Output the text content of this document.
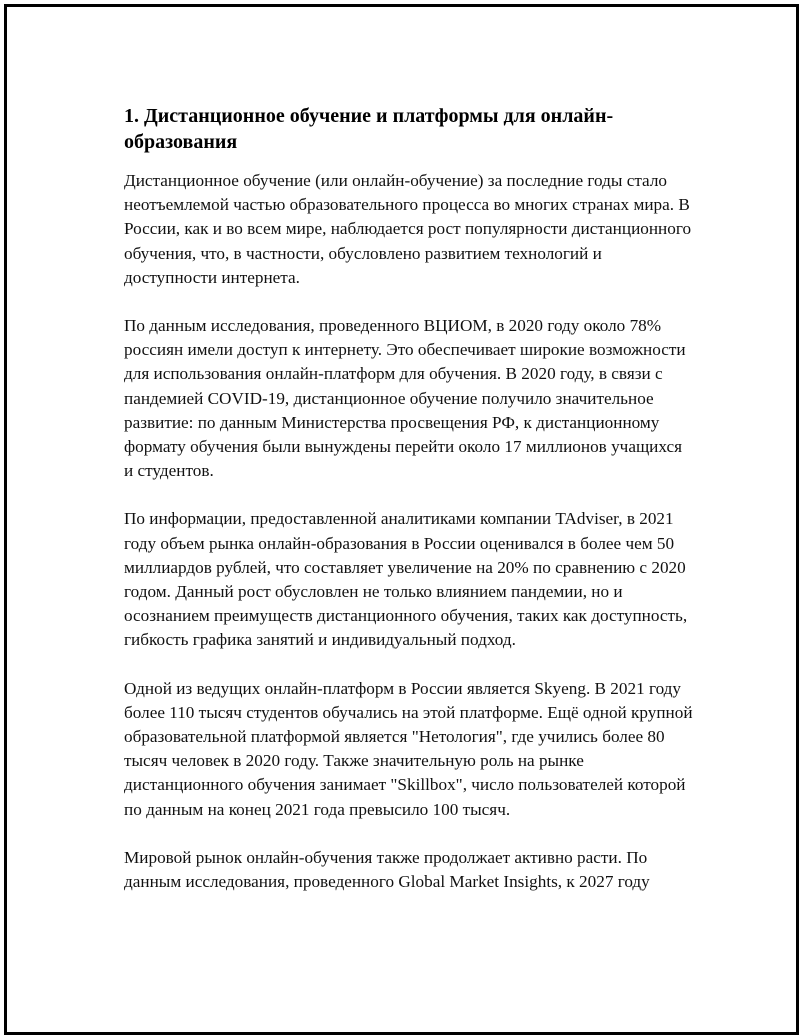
1. Дистанционное обучение и платформы для онлайн-образования

Дистанционное обучение (или онлайн-обучение) за последние годы стало неотъемлемой частью образовательного процесса во многих странах мира. В России, как и во всем мире, наблюдается рост популярности дистанционного обучения, что, в частности, обусловлено развитием технологий и доступности интернета.

По данным исследования, проведенного ВЦИОМ, в 2020 году около 78% россиян имели доступ к интернету. Это обеспечивает широкие возможности для использования онлайн-платформ для обучения. В 2020 году, в связи с пандемией COVID-19, дистанционное обучение получило значительное развитие: по данным Министерства просвещения РФ, к дистанционному формату обучения были вынуждены перейти около 17 миллионов учащихся и студентов.

По информации, предоставленной аналитиками компании TAdviser, в 2021 году объем рынка онлайн-образования в России оценивался в более чем 50 миллиардов рублей, что составляет увеличение на 20% по сравнению с 2020 годом. Данный рост обусловлен не только влиянием пандемии, но и осознанием преимуществ дистанционного обучения, таких как доступность, гибкость графика занятий и индивидуальный подход.

Одной из ведущих онлайн-платформ в России является Skyeng. В 2021 году более 110 тысяч студентов обучались на этой платформе. Ещё одной крупной образовательной платформой является "Нетология", где учились более 80 тысяч человек в 2020 году. Также значительную роль на рынке дистанционного обучения занимает "Skillbox", число пользователей которой по данным на конец 2021 года превысило 100 тысяч.

Мировой рынок онлайн-обучения также продолжает активно расти. По данным исследования, проведенного Global Market Insights, к 2027 году
